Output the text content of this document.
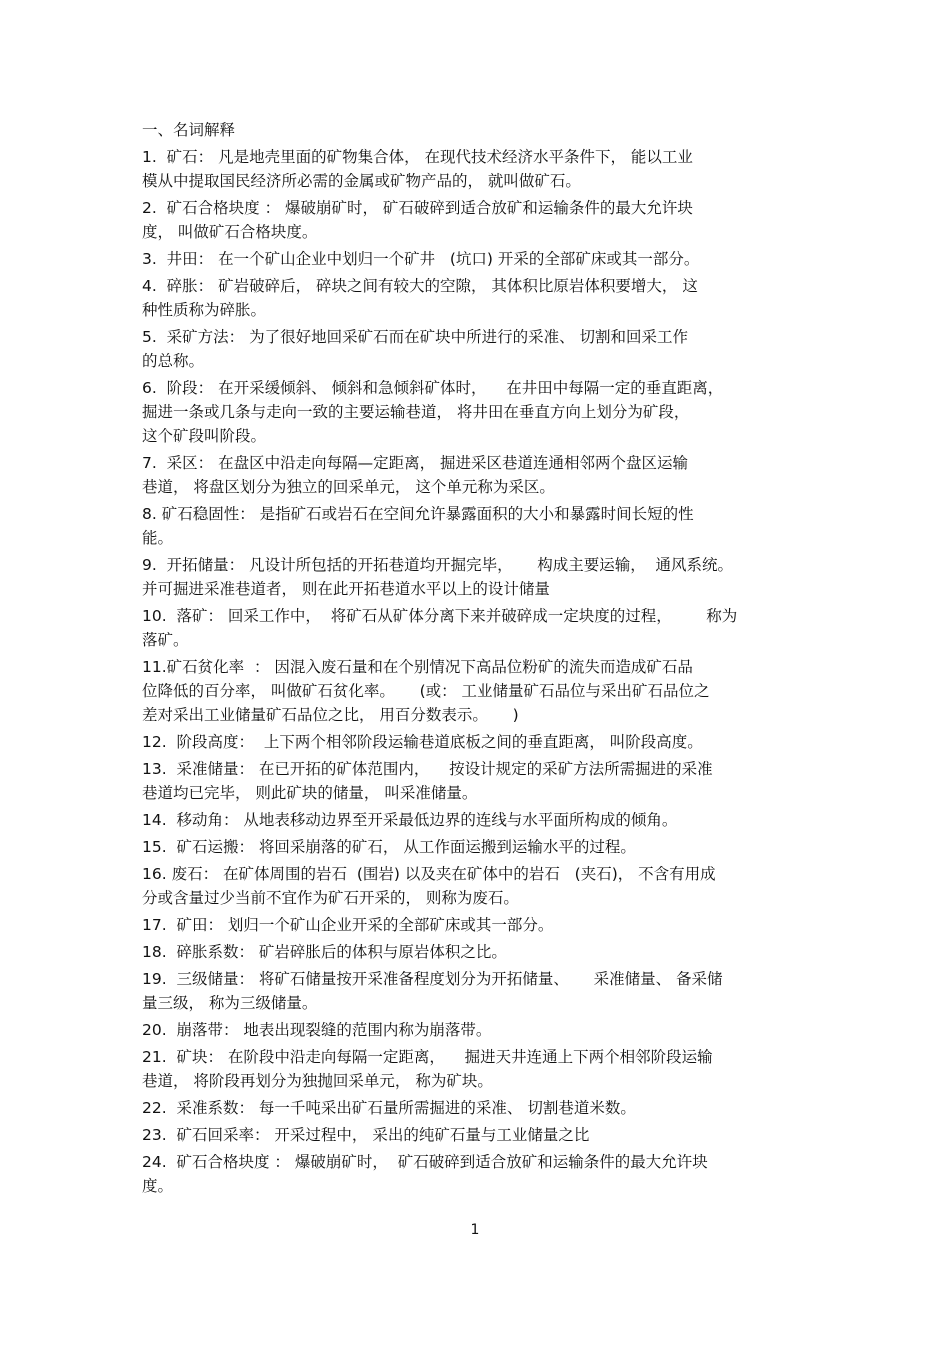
一、名词解释
1.  矿石： 凡是地壳里面的矿物集合体， 在现代技术经济水平条件下， 能以工业
模从中提取国民经济所必需的金属或矿物产品的， 就叫做矿石。
2.  矿石合格块度 ： 爆破崩矿时， 矿石破碎到适合放矿和运输条件的最大允许块
度， 叫做矿石合格块度。
3.  井田： 在一个矿山企业中划归一个矿井   (坑口) 开采的全部矿床或其一部分。
4.  碎胀： 矿岩破碎后， 碎块之间有较大的空隙， 其体积比原岩体积要增大， 这
种性质称为碎胀。
5.  采矿方法： 为了很好地回采矿石而在矿块中所进行的采准、 切割和回采工作
的总称。
6.  阶段： 在开采缓倾斜、 倾斜和急倾斜矿体时，    在井田中每隔一定的垂直距离，
掘进一条或几条与走向一致的主要运输巷道， 将井田在垂直方向上划分为矿段，
这个矿段叫阶段。
7.  采区： 在盘区中沿走向每隔—定距离， 掘进采区巷道连通相邻两个盘区运输
巷道， 将盘区划分为独立的回采单元， 这个单元称为采区。
8. 矿石稳固性： 是指矿石或岩石在空间允许暴露面积的大小和暴露时间长短的性
能。
9.  开拓储量： 凡设计所包括的开拓巷道均开掘完毕，     构成主要运输，  通风系统。
并可掘进采准巷道者， 则在此开拓巷道水平以上的设计储量
10.  落矿： 回采工作中，  将矿石从矿体分离下来并破碎成一定块度的过程，       称为
落矿。
11.矿石贫化率  ： 因混入废石量和在个别情况下高品位粉矿的流失而造成矿石品
位降低的百分率， 叫做矿石贫化率。     (或： 工业储量矿石品位与采出矿石品位之
差对采出工业储量矿石品位之比， 用百分数表示。     )
12.  阶段高度：  上下两个相邻阶段运输巷道底板之间的垂直距离， 叫阶段高度。
13.  采准储量： 在已开拓的矿体范围内，    按设计规定的采矿方法所需掘进的采准
巷道均已完毕， 则此矿块的储量， 叫采准储量。
14.  移动角： 从地表移动边界至开采最低边界的连线与水平面所构成的倾角。
15.  矿石运搬： 将回采崩落的矿石， 从工作面运搬到运输水平的过程。
16. 废石： 在矿体周围的岩石  (围岩) 以及夹在矿体中的岩石   (夹石)， 不含有用成
分或含量过少当前不宜作为矿石开采的， 则称为废石。
17.  矿田： 划归一个矿山企业开采的全部矿床或其一部分。
18.  碎胀系数： 矿岩碎胀后的体积与原岩体积之比。
19.  三级储量： 将矿石储量按开采准备程度划分为开拓储量、     采准储量、 备采储
量三级， 称为三级储量。
20.  崩落带： 地表出现裂缝的范围内称为崩落带。
21.  矿块： 在阶段中沿走向每隔一定距离，    掘进天井连通上下两个相邻阶段运输
巷道， 将阶段再划分为独抛回采单元， 称为矿块。
22.  采准系数： 每一千吨采出矿石量所需掘进的采准、 切割巷道米数。
23.  矿石回采率： 开采过程中， 采出的纯矿石量与工业储量之比
24.  矿石合格块度 ： 爆破崩矿时，  矿石破碎到适合放矿和运输条件的最大允许块
度。
1
